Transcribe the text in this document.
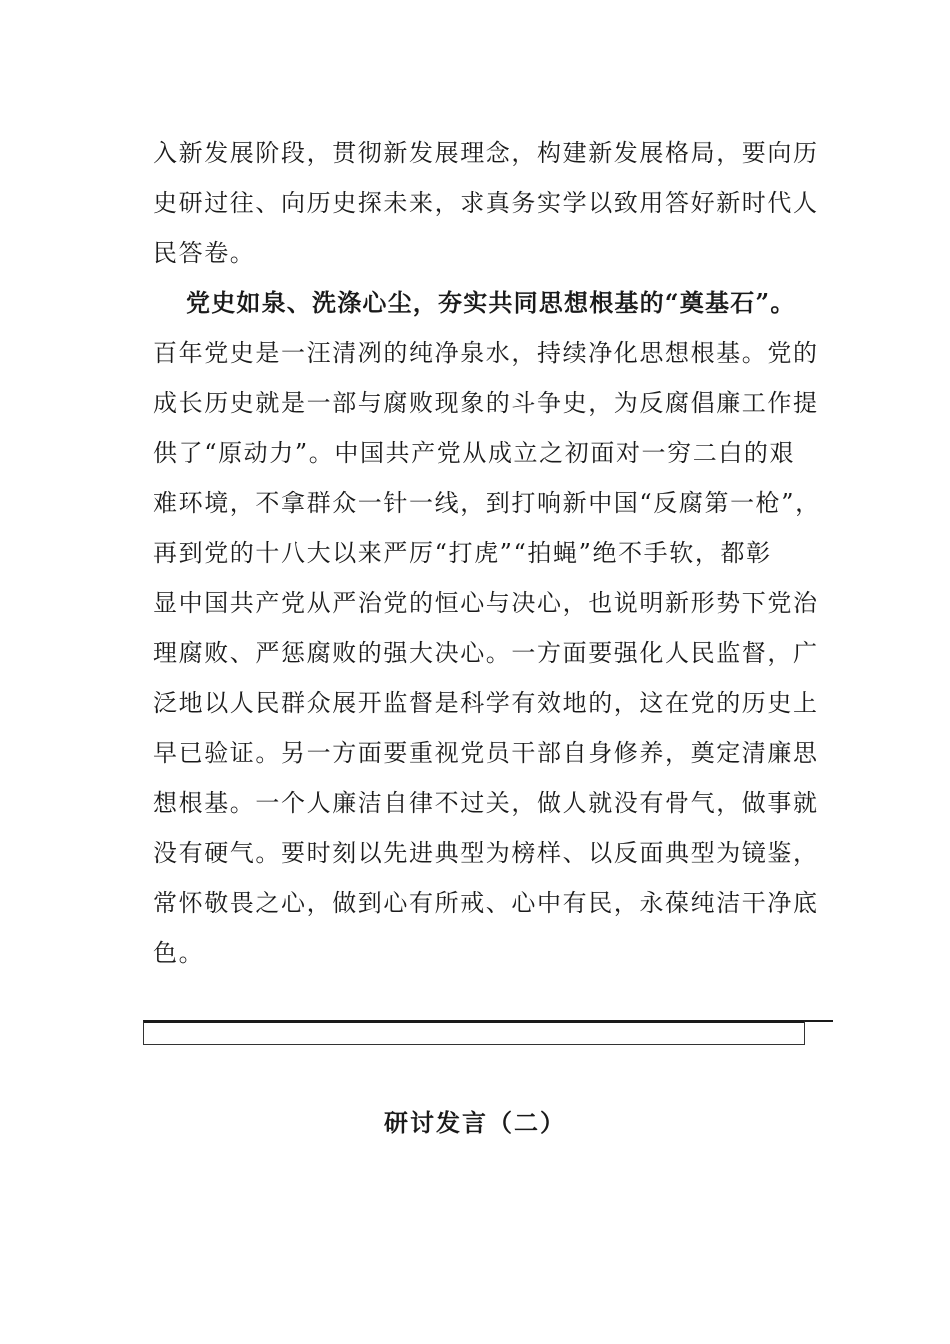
入新发展阶段，贯彻新发展理念，构建新发展格局，要向历
史研过往、向历史探未来，求真务实学以致用答好新时代人
民答卷。
党史如泉、洗涤心尘，夯实共同思想根基的“奠基石”。
百年党史是一汪清冽的纯净泉水，持续净化思想根基。党的
成长历史就是一部与腐败现象的斗争史，为反腐倡廉工作提
供了“原动力”。中国共产党从成立之初面对一穷二白的艰
难环境，不拿群众一针一线，到打响新中国“反腐第一枪”，
再到党的十八大以来严厉“打虎”“拍蝇”绝不手软，都彰
显中国共产党从严治党的恒心与决心，也说明新形势下党治
理腐败、严惩腐败的强大决心。一方面要强化人民监督，广
泛地以人民群众展开监督是科学有效地的，这在党的历史上
早已验证。另一方面要重视党员干部自身修养，奠定清廉思
想根基。一个人廉洁自律不过关，做人就没有骨气，做事就
没有硬气。要时刻以先进典型为榜样、以反面典型为镜鉴，
常怀敬畏之心，做到心有所戒、心中有民，永葆纯洁干净底
色。
研讨发言（二）
